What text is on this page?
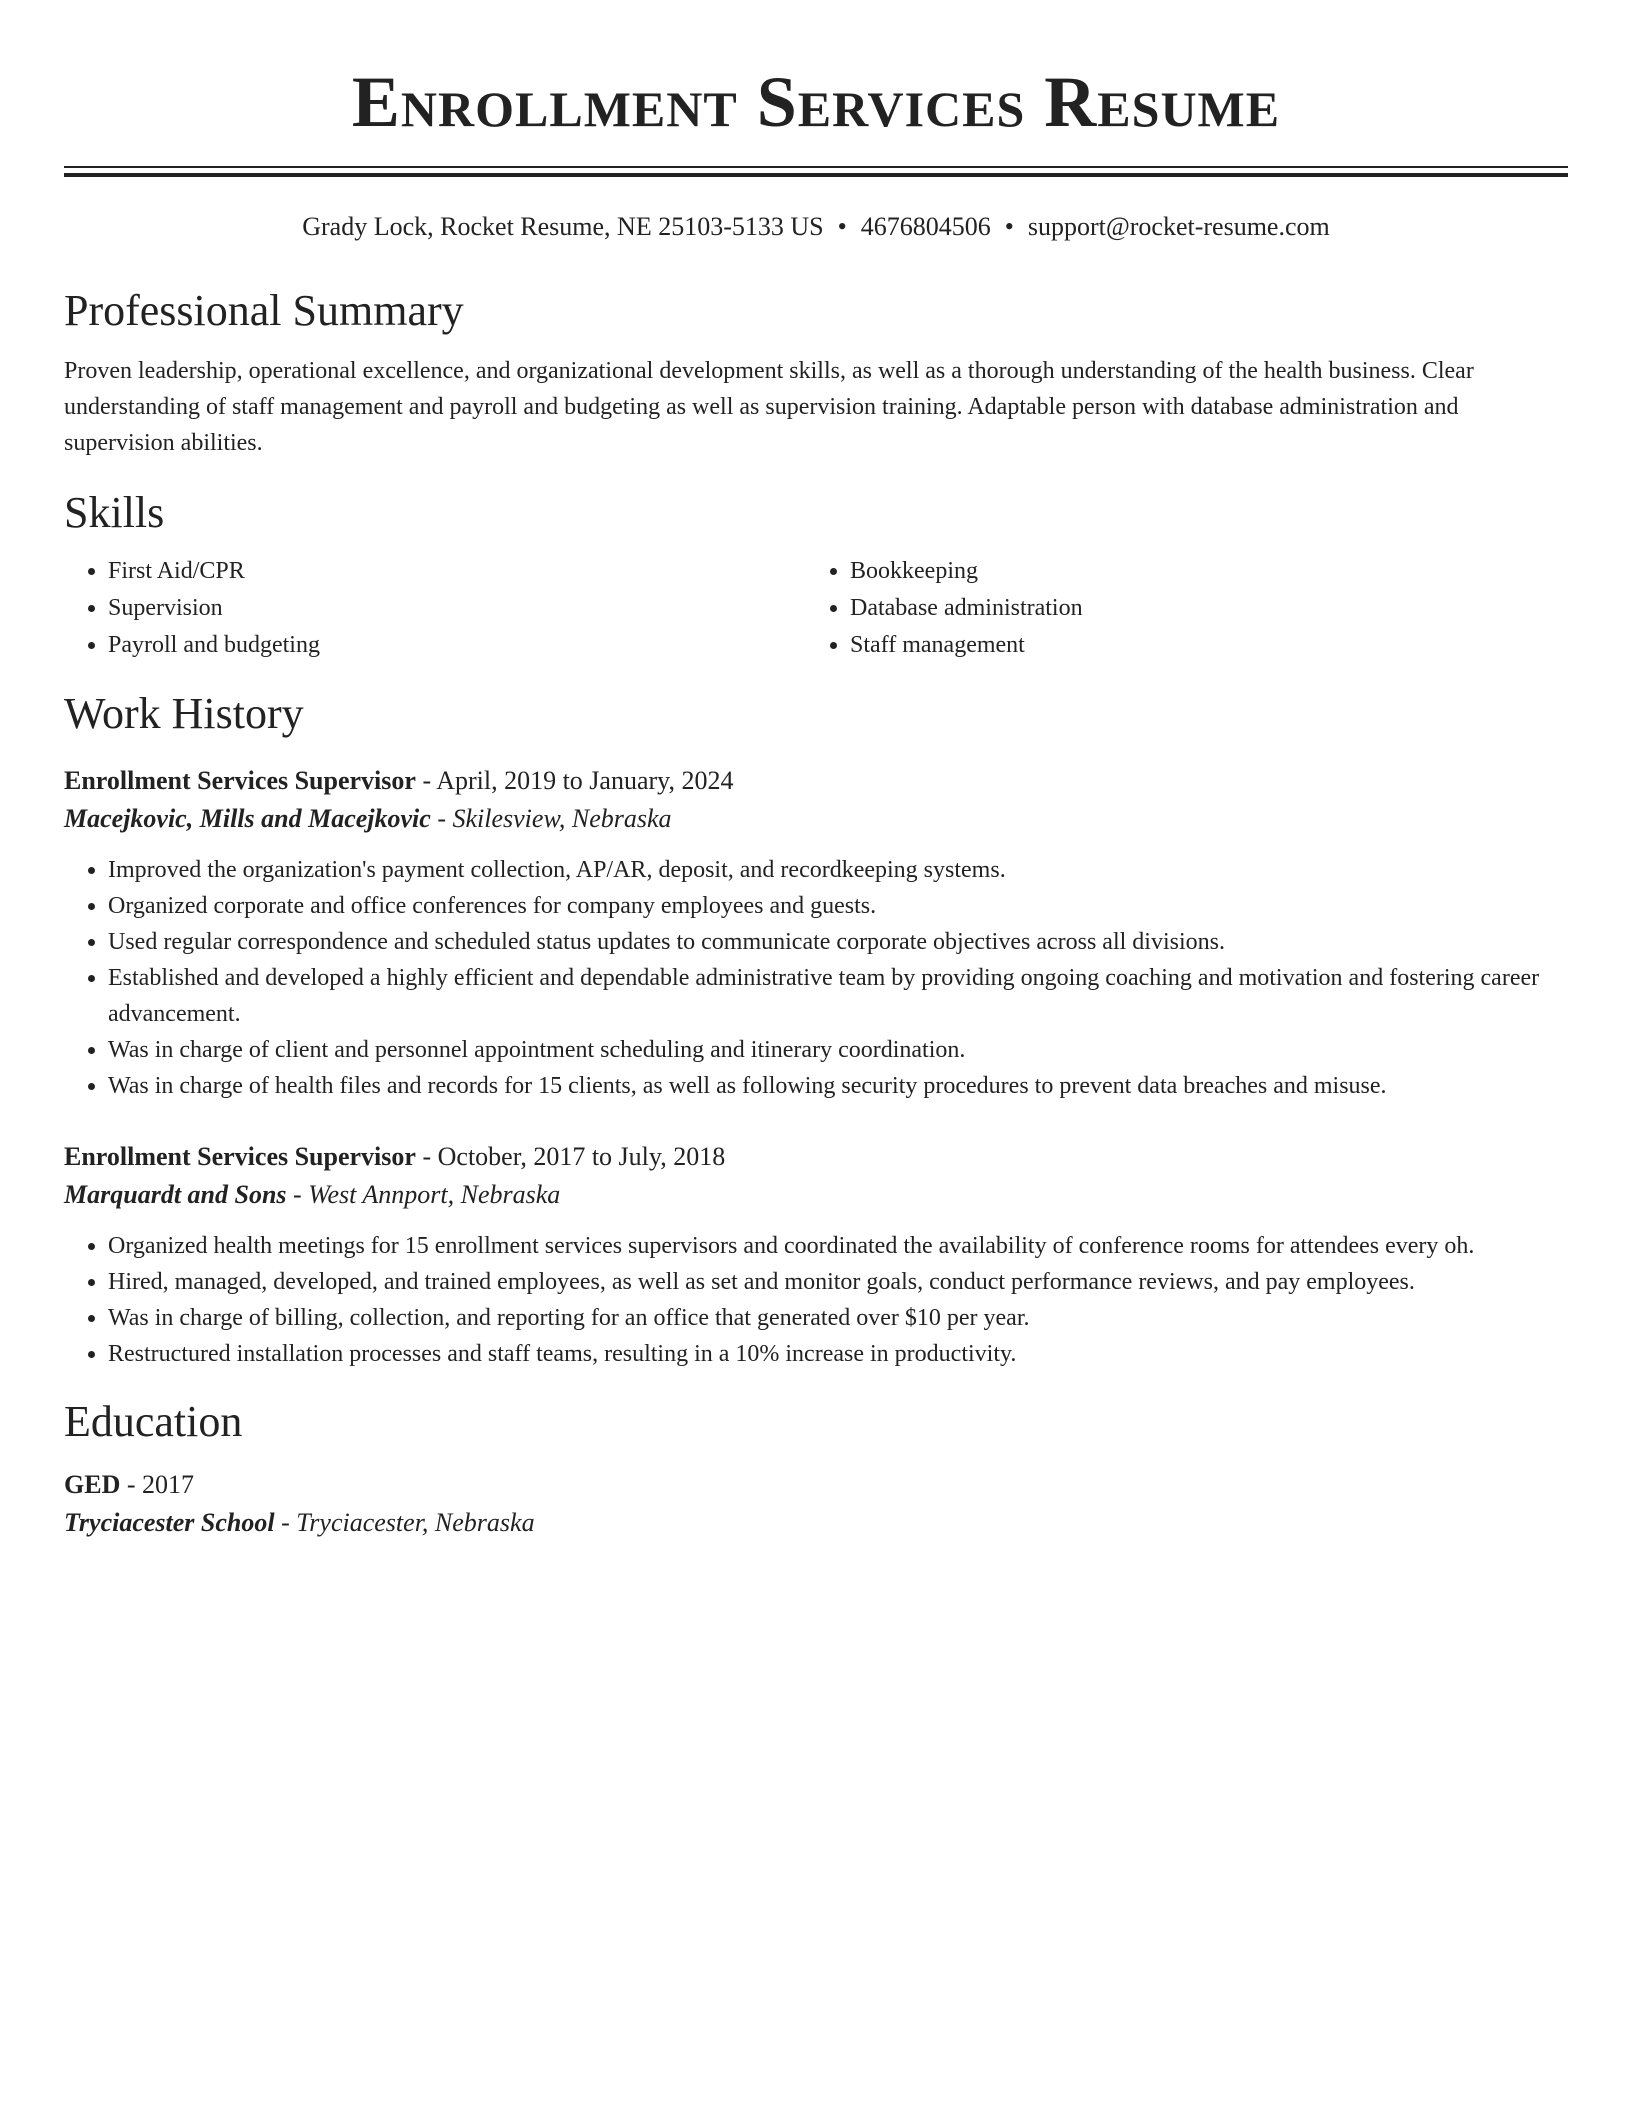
Enrollment Services Resume
Grady Lock, Rocket Resume, NE 25103-5133 US • 4676804506 • support@rocket-resume.com
Professional Summary
Proven leadership, operational excellence, and organizational development skills, as well as a thorough understanding of the health business. Clear understanding of staff management and payroll and budgeting as well as supervision training. Adaptable person with database administration and supervision abilities.
Skills
• First Aid/CPR
• Supervision
• Payroll and budgeting
• Bookkeeping
• Database administration
• Staff management
Work History
Enrollment Services Supervisor - April, 2019 to January, 2024
Macejkovic, Mills and Macejkovic - Skilesview, Nebraska
• Improved the organization's payment collection, AP/AR, deposit, and recordkeeping systems.
• Organized corporate and office conferences for company employees and guests.
• Used regular correspondence and scheduled status updates to communicate corporate objectives across all divisions.
• Established and developed a highly efficient and dependable administrative team by providing ongoing coaching and motivation and fostering career advancement.
• Was in charge of client and personnel appointment scheduling and itinerary coordination.
• Was in charge of health files and records for 15 clients, as well as following security procedures to prevent data breaches and misuse.
Enrollment Services Supervisor - October, 2017 to July, 2018
Marquardt and Sons - West Annport, Nebraska
• Organized health meetings for 15 enrollment services supervisors and coordinated the availability of conference rooms for attendees every oh.
• Hired, managed, developed, and trained employees, as well as set and monitor goals, conduct performance reviews, and pay employees.
• Was in charge of billing, collection, and reporting for an office that generated over $10 per year.
• Restructured installation processes and staff teams, resulting in a 10% increase in productivity.
Education
GED - 2017
Tryciacester School - Tryciacester, Nebraska
